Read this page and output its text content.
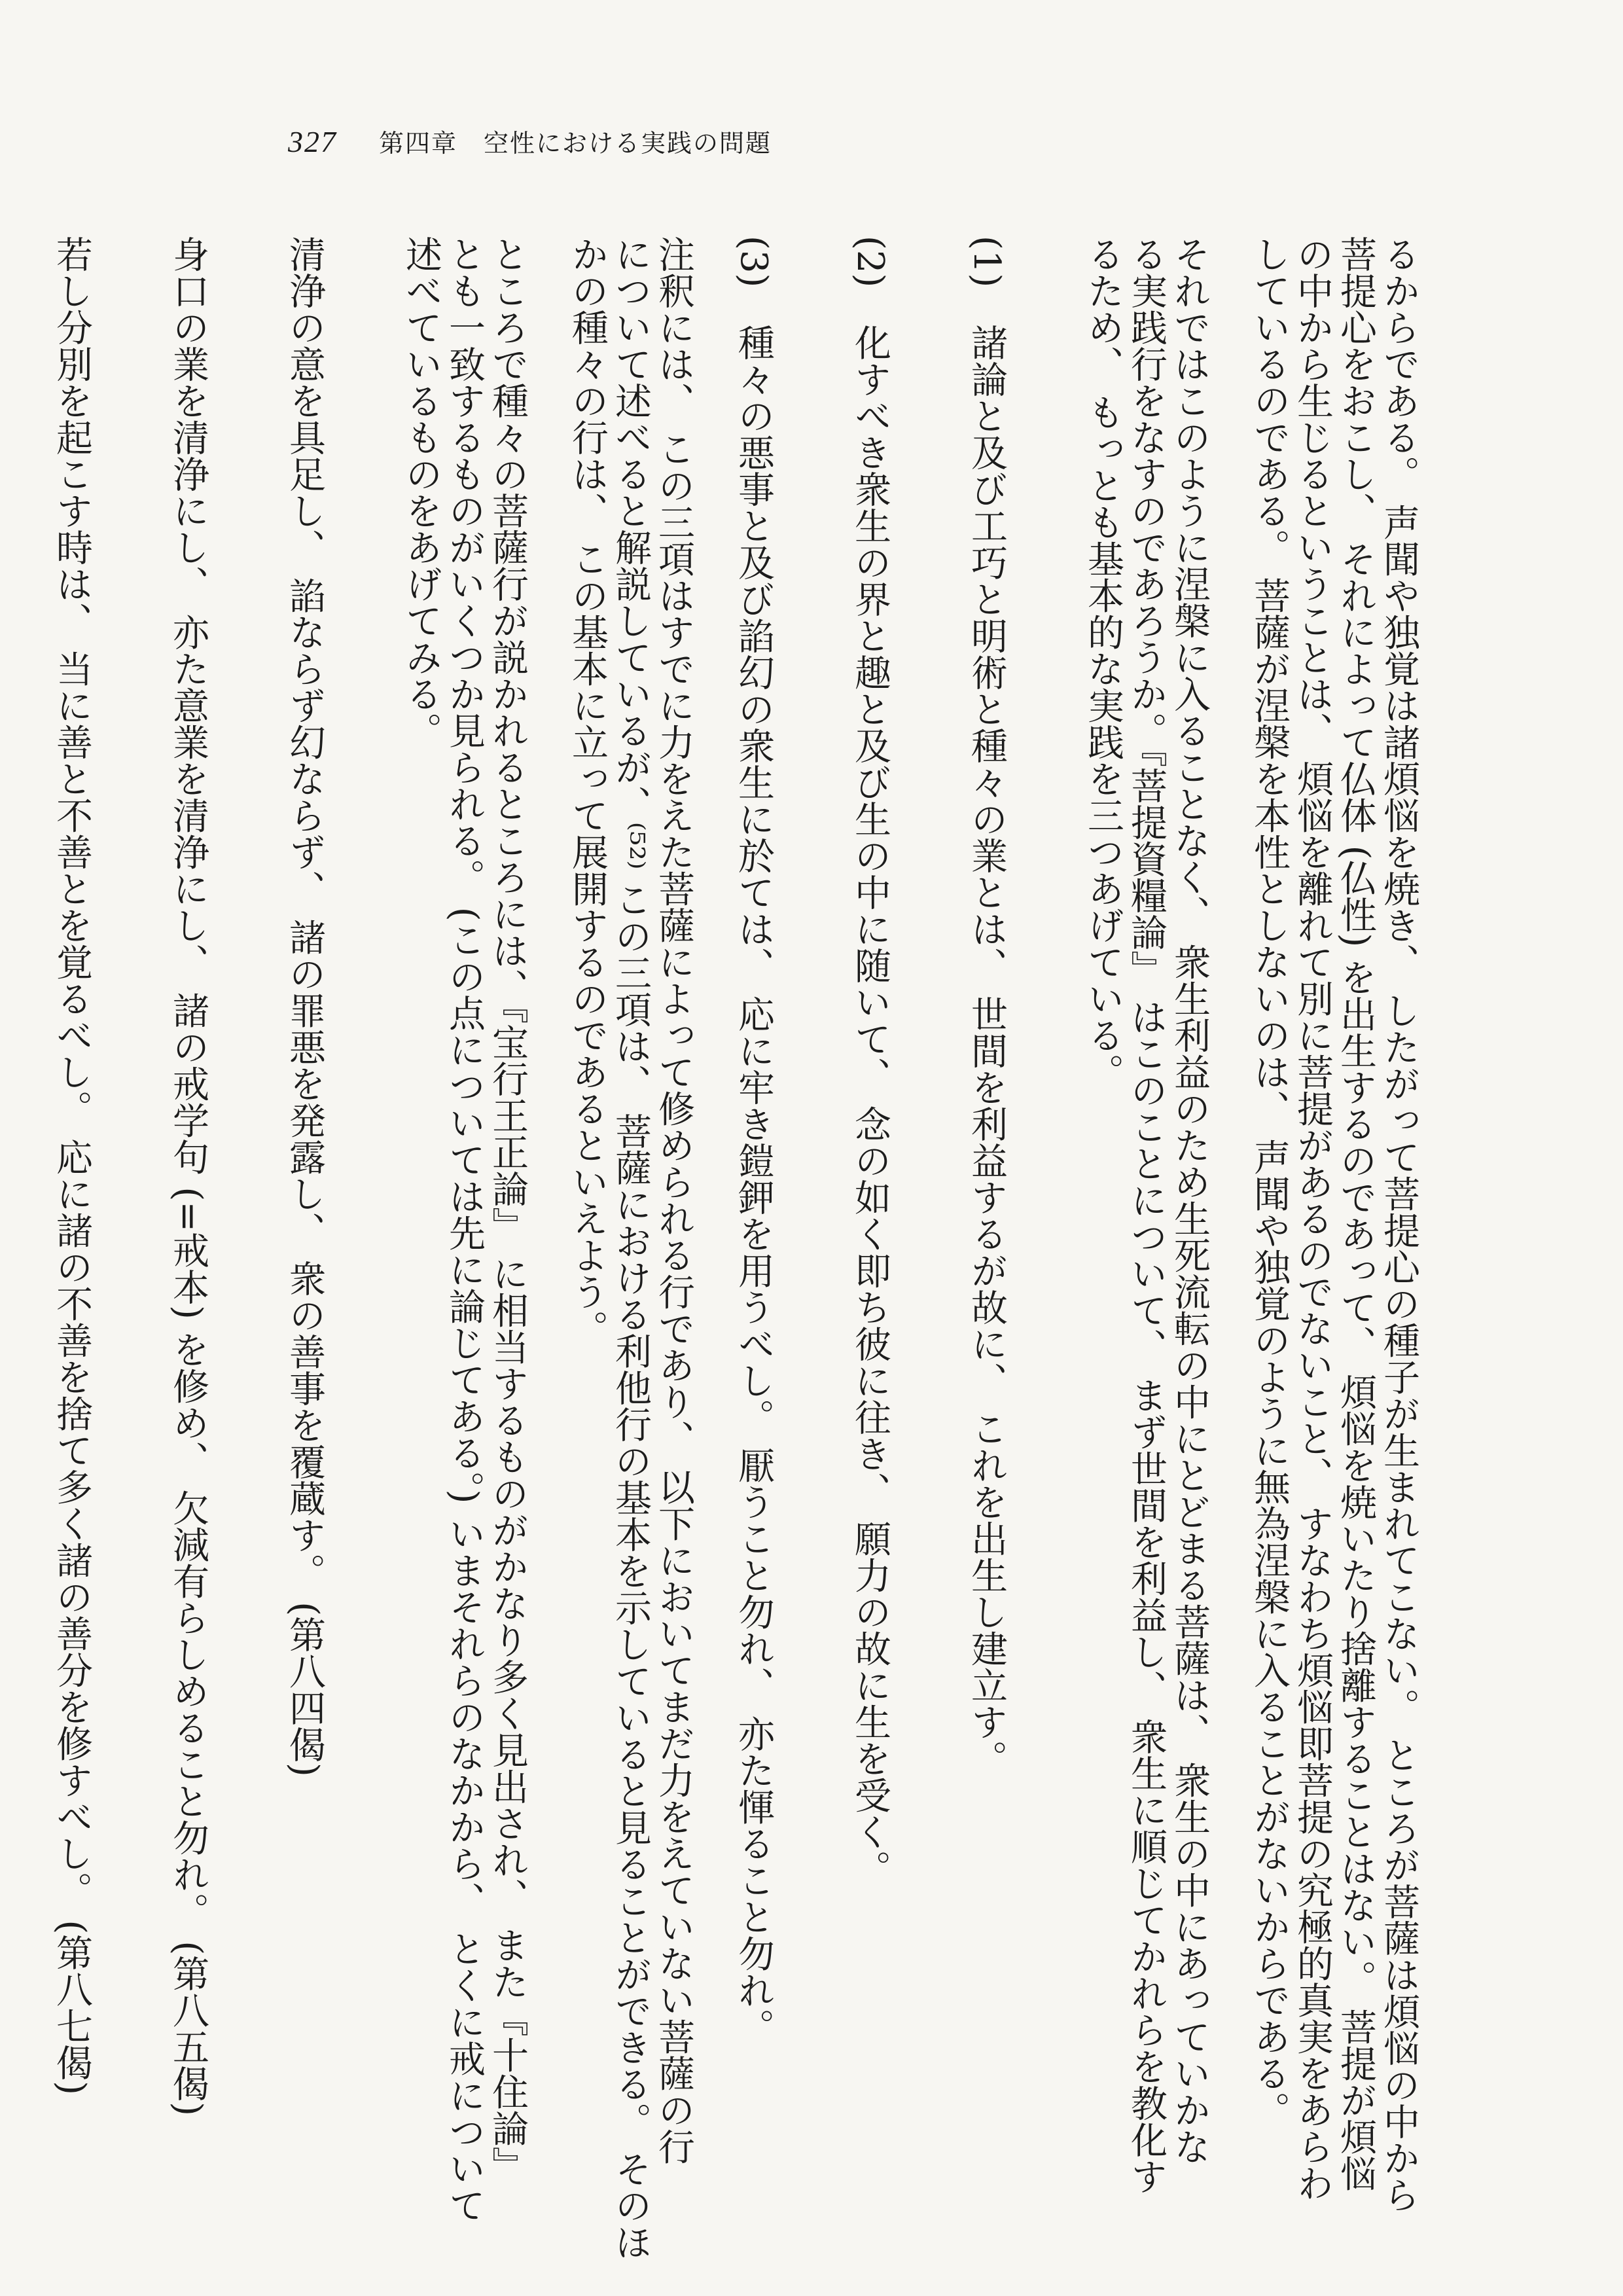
327 第四章　空性における実践の問題
るからである。 声聞や独覚は諸煩悩を焼き、 したがって菩提心の種子が生まれてこない。 ところが菩薩は煩悩の中から
菩提心をおこし、 それによって仏体 (仏性) を出生するのであって、 煩悩を焼いたり捨離することはない。 菩提が煩悩
の中から生じるということは、 煩悩を離れて別に菩提があるのでないこと、 すなわち煩悩即菩提の究極的真実をあらわ
しているのである。 菩薩が涅槃を本性としないのは、 声聞や独覚のように無為涅槃に入ることがないからである。
それではこのように涅槃に入ることなく、 衆生利益のため生死流転の中にとどまる菩薩は、 衆生の中にあっていかな
る実践行をなすのであろうか。『菩提資糧論』 はこのことについて、 まず世間を利益し、 衆生に順じてかれらを教化す
るため、 もっとも基本的な実践を三つあげている。
(1)　諸論と及び工巧と明術と種々の業とは、 世間を利益するが故に、 これを出生し建立す。
(2)　化すべき衆生の界と趣と及び生の中に随いて、 念の如く即ち彼に往き、 願力の故に生を受く。
(3)　種々の悪事と及び諂幻の衆生に於ては、 応に牢き鎧鉀を用うべし。 厭うこと勿れ、 亦た惲ること勿れ。
注釈には、 この三項はすでに力をえた菩薩によって修められる行であり、 以下においてまだ力をえていない菩薩の行
について述べると解説しているが、⁽⁵²⁾ この三項は、 菩薩における利他行の基本を示していると見ることができる。 そのほ
かの種々の行は、 この基本に立って展開するのであるといえよう。
ところで種々の菩薩行が説かれるところには、『宝行王正論』 に相当するものがかなり多く見出され、 また『十住論』
とも一致するものがいくつか見られる。 (この点については先に論じてある。) いまそれらのなかから、 とくに戒について
述べているものをあげてみる。
清浄の意を具足し、 諂ならず幻ならず、 諸の罪悪を発露し、 衆の善事を覆蔵す。 (第八四偈)
身口の業を清浄にし、 亦た意業を清浄にし、 諸の戒学句 (=戒本) を修め、 欠減有らしめること勿れ。 (第八五偈)
若し分別を起こす時は、 当に善と不善とを覚るべし。 応に諸の不善を捨て多く諸の善分を修すべし。 (第八七偈)
